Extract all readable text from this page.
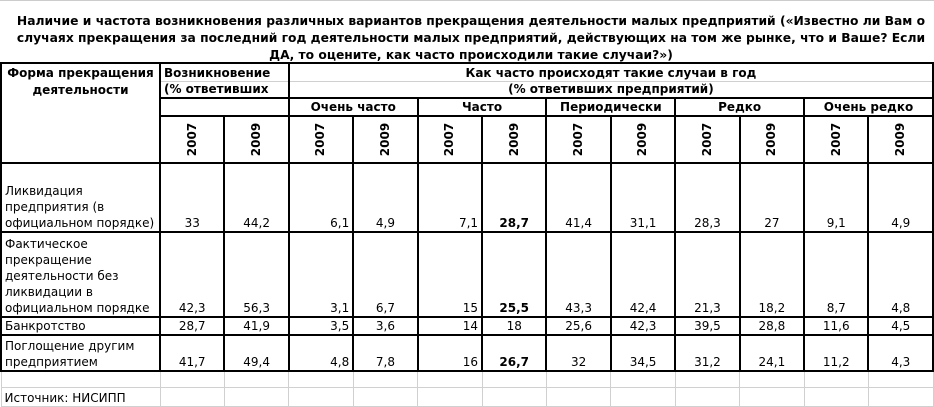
Наличие и частота возникновения различных вариантов прекращения деятельности малых предприятий («Известно ли Вам о случаях прекращения за последний год деятельности малых предприятий, действующих на том же рынке, что и Ваше? Если ДА, то оцените, как часто происходили такие случаи?»)
Форма прекращения	Возникновение		Как часто происходят такие случаи в год									
деятельности	(% ответивших		(% ответивших предприятий)									
			Очень часто		Часто		Периодически		Редко		Очень редко	
	2007	2009	2007	2009	2007	2009	2007	2009	2007	2009	2007	2009
Ликвидация предприятия (в официальном порядке)	33	44,2	6,1	4,9	7,1	28,7	41,4	31,1	28,3	27	9,1	4,9
Фактическое прекращение деятельности без ликвидации в официальном порядке	42,3	56,3	3,1	6,7	15	25,5	43,3	42,4	21,3	18,2	8,7	4,8
Банкротство	28,7	41,9	3,5	3,6	14	18	25,6	42,3	39,5	28,8	11,6	4,5
Поглощение другим предприятием	41,7	49,4	4,8	7,8	16	26,7	32	34,5	31,2	24,1	11,2	4,3

Источник: НИСИПП												
